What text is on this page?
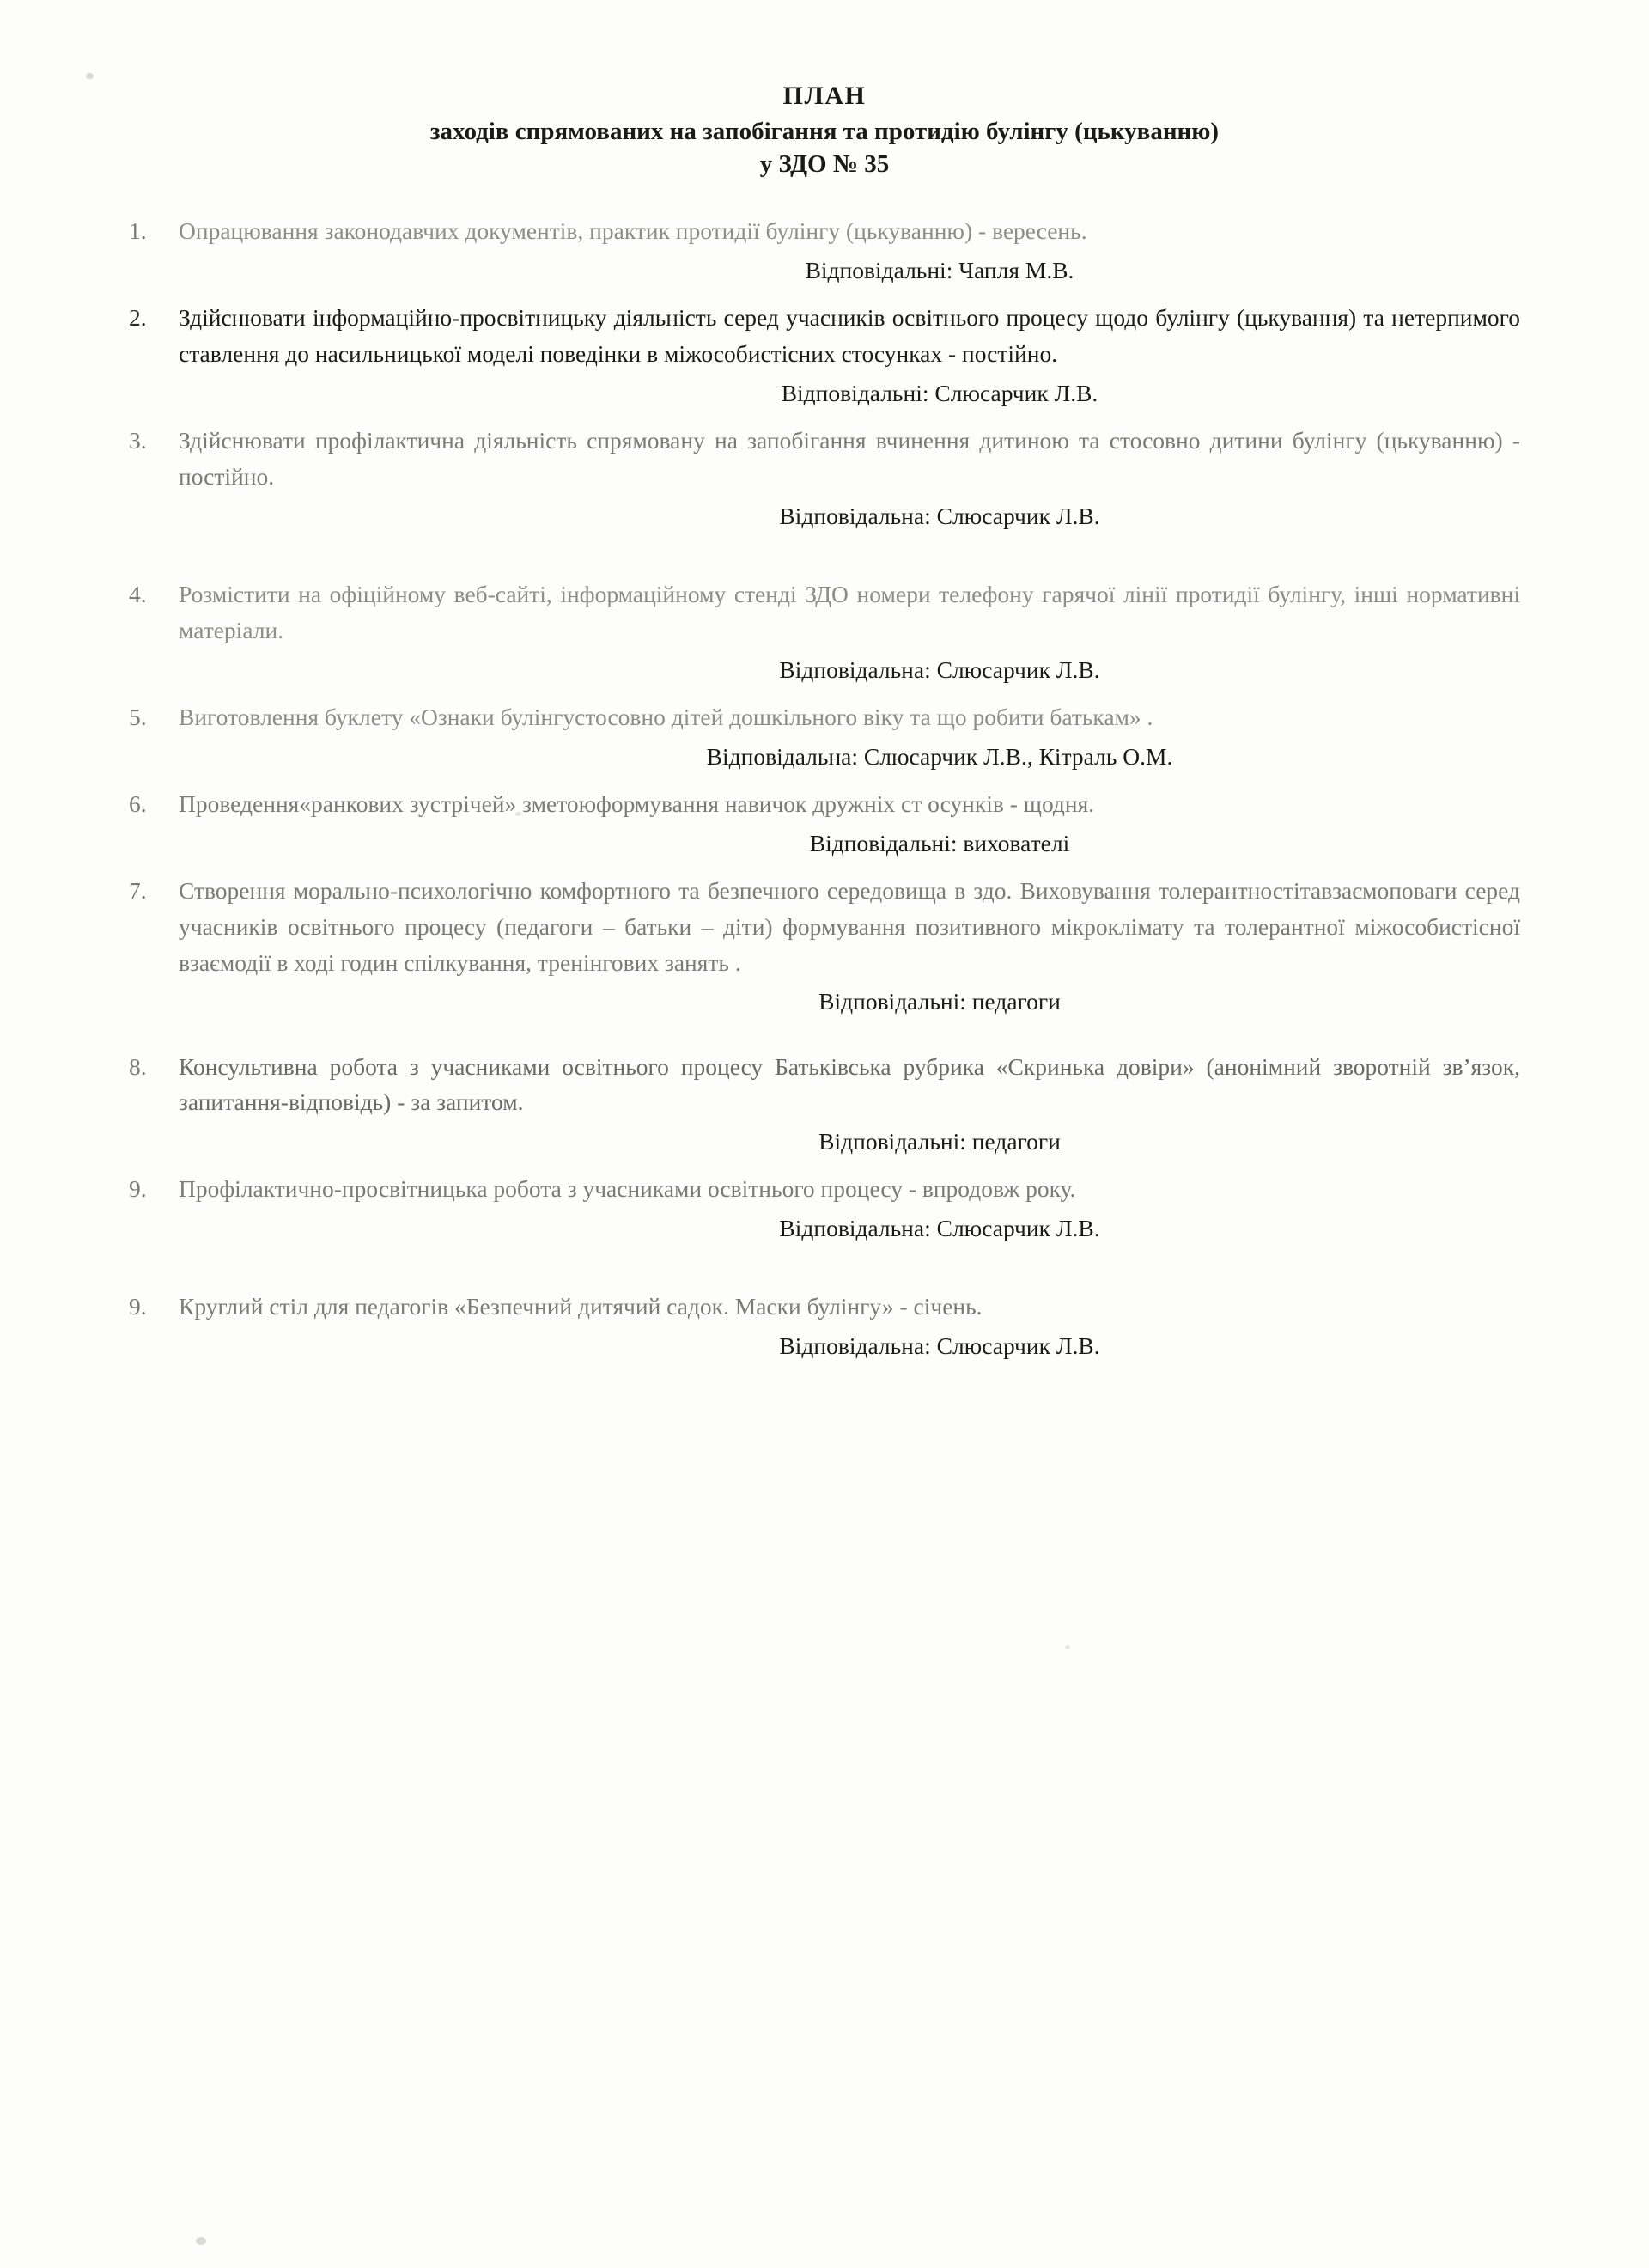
ПЛАН
заходів спрямованих на запобігання та протидію булінгу (цькуванню)
у ЗДО № 35
1.	Опрацювання законодавчих документів, практик протидії булінгу (цькуванню) - вересень.
Відповідальні: Чапля М.В.
2.	Здійснювати інформаційно-просвітницьку діяльність серед учасників освітнього процесу щодо булінгу (цькування) та нетерпимого ставлення до насильницької моделі поведінки в міжособистісних стосунках - постійно.
Відповідальні: Слюсарчик Л.В.
3.	Здійснювати профілактична діяльність спрямовану на запобігання вчинення дитиною та стосовно дитини булінгу (цькуванню) - постійно.
Відповідальна: Слюсарчик Л.В.
4.	Розмістити на офіційному веб-сайті, інформаційному стенді ЗДО номери телефону гарячої лінії протидії булінгу, інші нормативні матеріали.
Відповідальна: Слюсарчик Л.В.
5.	Виготовлення буклету «Ознаки булінгустосовно дітей дошкільного віку та що робити батькам» .
Відповідальна: Слюсарчик Л.В., Кітраль О.М.
6.	Проведення«ранкових зустрічей» зметоюформування навичок дружніх ст осунків - щодня.
Відповідальні: вихователі
7.	Створення морально-психологічно комфортного та безпечного середовища в здо. Виховування толерантностітавзаємоповаги серед учасників освітнього процесу (педагоги – батьки – діти) формування позитивного мікроклімату та толерантної міжособистісної взаємодії в ході годин спілкування, тренінгових занять .
Відповідальні: педагоги
8.	Консультивна робота з учасниками освітнього процесу Батьківська рубрика «Скринька довіри» (анонімний зворотній зв’язок, запитання-відповідь) - за запитом.
Відповідальні: педагоги
9.	Профілактично-просвітницька робота з учасниками освітнього процесу - впродовж року.
Відповідальна: Слюсарчик Л.В.
9.	Круглий стіл для педагогів «Безпечний дитячий садок. Маски булінгу» - січень.
Відповідальна: Слюсарчик Л.В.
